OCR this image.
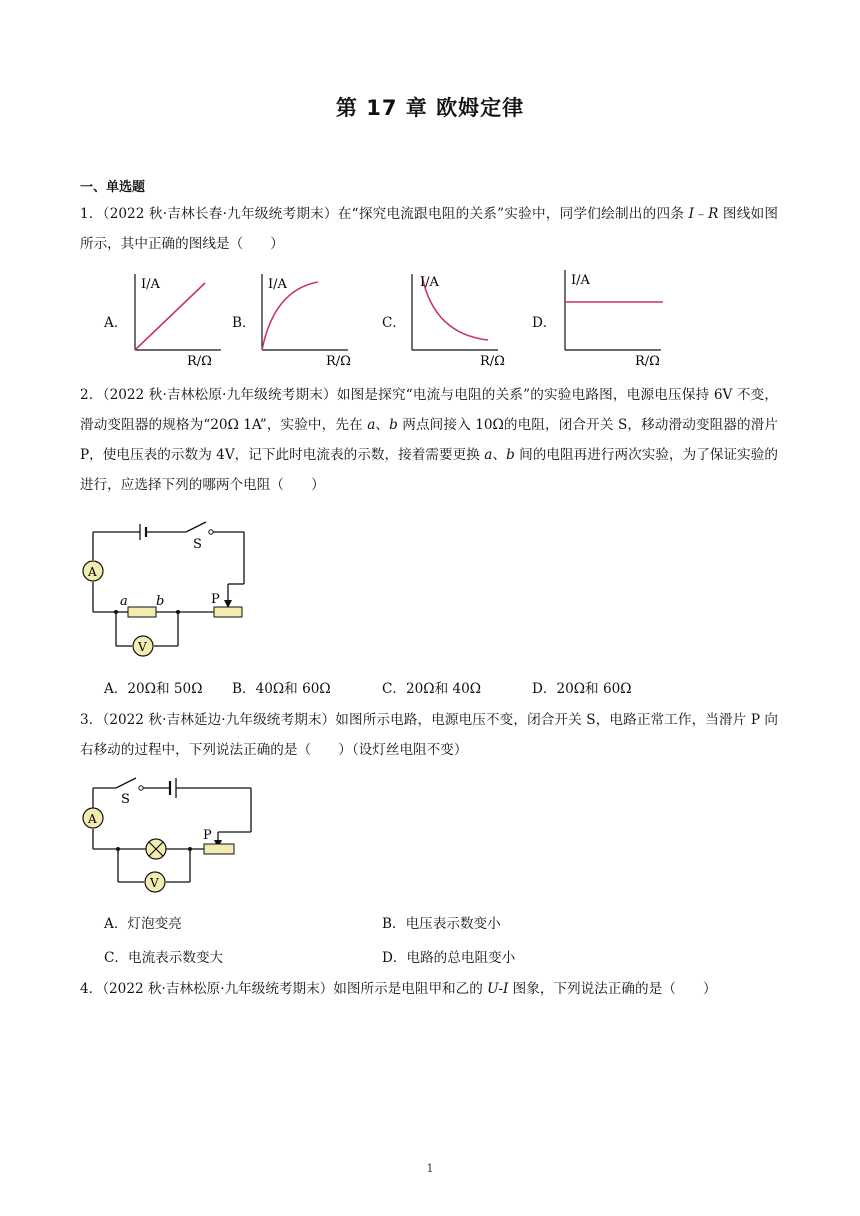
第 17 章 欧姆定律
一、单选题
1．（2022 秋·吉林长春·九年级统考期末）在“探究电流跟电阻的关系”实验中，同学们绘制出的四条 I﹣R 图线如图所示，其中正确的图线是（　　）
A．	B．	C．	D．
I/A
R/Ω
I/A
R/Ω
I/A
R/Ω
I/A
R/Ω
2．（2022 秋·吉林松原·九年级统考期末）如图是探究“电流与电阻的关系”的实验电路图，电源电压保持 6V 不变，滑动变阻器的规格为“20Ω 1A”，实验中，先在 a、b 两点间接入 10Ω的电阻，闭合开关 S，移动滑动变阻器的滑片 P，使电压表的示数为 4V，记下此时电流表的示数，接着需要更换 a、b 间的电阻再进行两次实验，为了保证实验的进行，应选择下列的哪两个电阻（　　）
A
V
S
a b	P
A．20Ω和 50Ω B．40Ω和 60Ω	C．20Ω和 40Ω	D．20Ω和 60Ω
3．（2022 秋·吉林延边·九年级统考期末）如图所示电路，电源电压不变，闭合开关 S，电路正常工作，当滑片 P 向右移动的过程中，下列说法正确的是（　　）（设灯丝电阻不变）
A
V
S
P
A．灯泡变亮	B．电压表示数变小
C．电流表示数变大	D．电路的总电阻变小
4．（2022 秋·吉林松原·九年级统考期末）如图所示是电阻甲和乙的 U-I 图象，下列说法正确的是（　　）
1
